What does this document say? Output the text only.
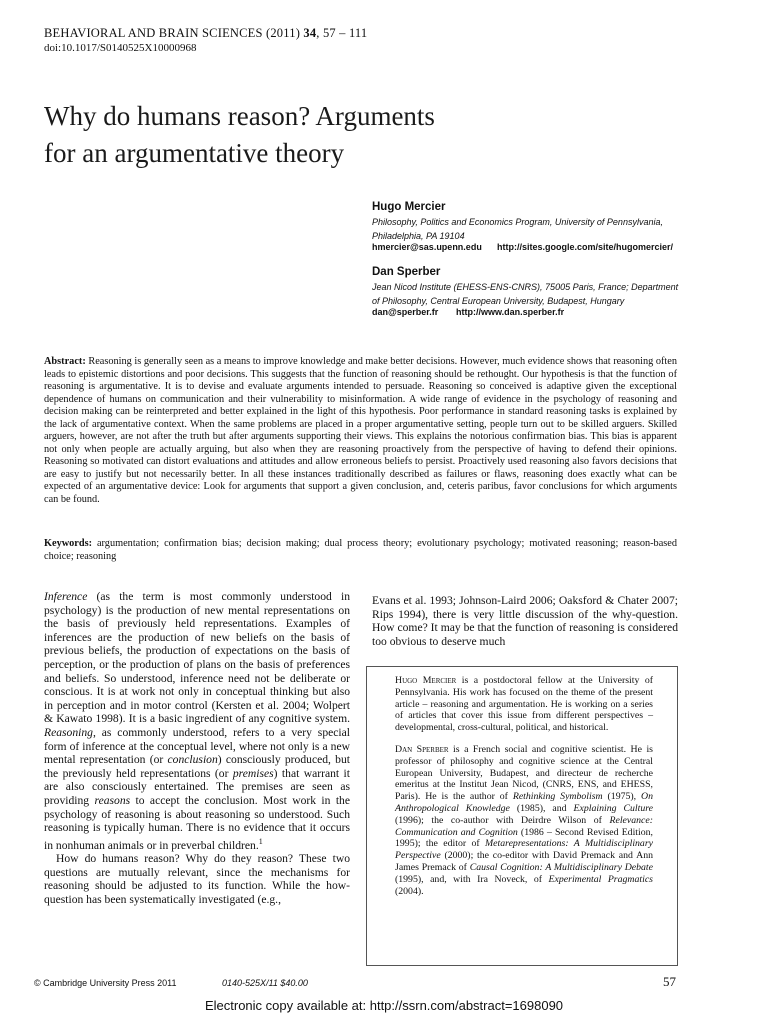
BEHAVIORAL AND BRAIN SCIENCES (2011) 34, 57 – 111
doi:10.1017/S0140525X10000968
Why do humans reason? Arguments
for an argumentative theory
Hugo Mercier
Philosophy, Politics and Economics Program, University of Pennsylvania,
Philadelphia, PA 19104
hmercier@sas.upenn.edu http://sites.google.com/site/hugomercier/
Dan Sperber
Jean Nicod Institute (EHESS-ENS-CNRS), 75005 Paris, France; Department
of Philosophy, Central European University, Budapest, Hungary
dan@sperber.fr http://www.dan.sperber.fr
Abstract: Reasoning is generally seen as a means to improve knowledge and make better decisions. However, much evidence shows that reasoning often leads to epistemic distortions and poor decisions. This suggests that the function of reasoning should be rethought. Our hypothesis is that the function of reasoning is argumentative. It is to devise and evaluate arguments intended to persuade. Reasoning so conceived is adaptive given the exceptional dependence of humans on communication and their vulnerability to misinformation. A wide range of evidence in the psychology of reasoning and decision making can be reinterpreted and better explained in the light of this hypothesis. Poor performance in standard reasoning tasks is explained by the lack of argumentative context. When the same problems are placed in a proper argumentative setting, people turn out to be skilled arguers. Skilled arguers, however, are not after the truth but after arguments supporting their views. This explains the notorious confirmation bias. This bias is apparent not only when people are actually arguing, but also when they are reasoning proactively from the perspective of having to defend their opinions. Reasoning so motivated can distort evaluations and attitudes and allow erroneous beliefs to persist. Proactively used reasoning also favors decisions that are easy to justify but not necessarily better. In all these instances traditionally described as failures or flaws, reasoning does exactly what can be expected of an argumentative device: Look for arguments that support a given conclusion, and, ceteris paribus, favor conclusions for which arguments can be found.
Keywords: argumentation; confirmation bias; decision making; dual process theory; evolutionary psychology; motivated reasoning; reason-based choice; reasoning

Inference (as the term is most commonly understood in psychology) is the production of new mental representations on the basis of previously held representations. Examples of inferences are the production of new beliefs on the basis of previous beliefs, the production of expectations on the basis of perception, or the production of plans on the basis of preferences and beliefs. So understood, inference need not be deliberate or conscious. It is at work not only in conceptual thinking but also in perception and in motor control (Kersten et al. 2004; Wolpert & Kawato 1998). It is a basic ingredient of any cognitive system. Reasoning, as commonly understood, refers to a very special form of inference at the conceptual level, where not only is a new mental representation (or conclusion) consciously produced, but the previously held representations (or premises) that warrant it are also consciously entertained. The premises are seen as providing reasons to accept the conclusion. Most work in the psychology of reasoning is about reasoning so understood. Such reasoning is typically human. There is no evidence that it occurs in nonhuman animals or in preverbal children.$^1$

How do humans reason? Why do they reason? These two questions are mutually relevant, since the mechanisms for reasoning should be adjusted to its function. While the how-question has been systematically investigated (e.g.,

Evans et al. 1993; Johnson-Laird 2006; Oaksford & Chater 2007; Rips 1994), there is very little discussion of the why-question. How come? It may be that the function of reasoning is considered too obvious to deserve much

Hugo Mercier is a postdoctoral fellow at the University of Pennsylvania. His work has focused on the theme of the present article – reasoning and argumentation. He is working on a series of articles that cover this issue from different perspectives – developmental, cross-cultural, political, and historical.

Dan Sperber is a French social and cognitive scientist. He is professor of philosophy and cognitive science at the Central European University, Budapest, and directeur de recherche emeritus at the Institut Jean Nicod, (CNRS, ENS, and EHESS, Paris). He is the author of Rethinking Symbolism (1975), On Anthropological Knowledge (1985), and Explaining Culture (1996); the co-author with Deirdre Wilson of Relevance: Communication and Cognition (1986 – Second Revised Edition, 1995); the editor of Metarepresentations: A Multidisciplinary Perspective (2000); the co-editor with David Premack and Ann James Premack of Causal Cognition: A Multidisciplinary Debate (1995), and, with Ira Noveck, of Experimental Pragmatics (2004).

© Cambridge University Press 2011	0140-525X/11 $40.00	57
Electronic copy available at: http://ssrn.com/abstract=1698090
